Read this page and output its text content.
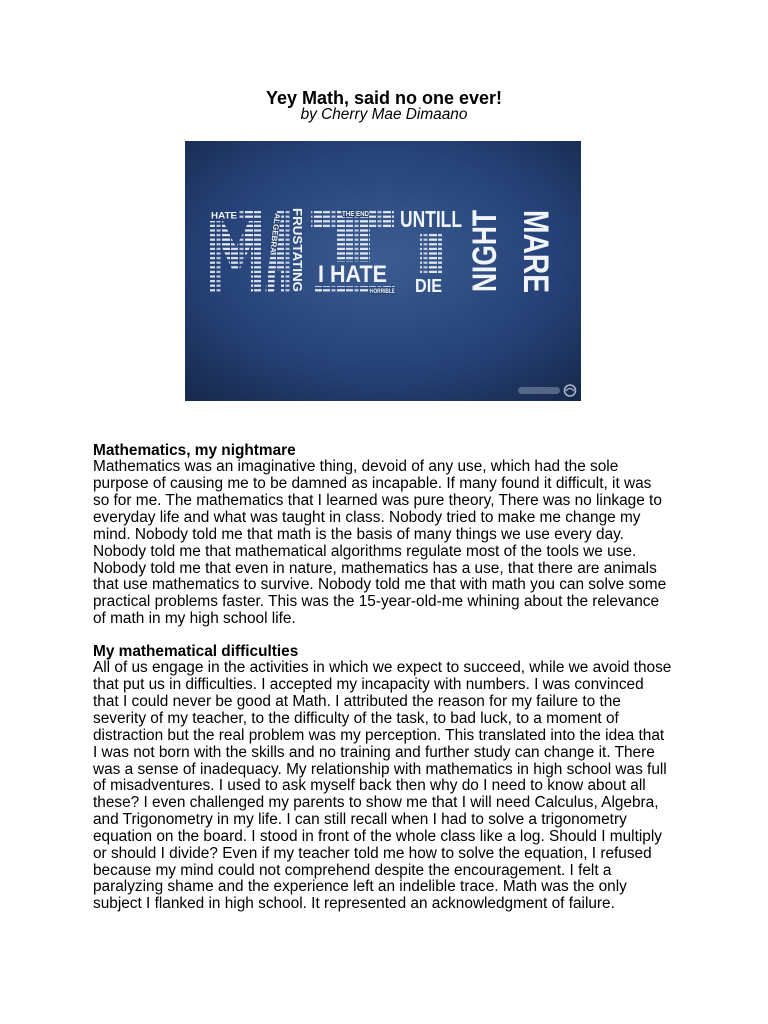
Yey Math, said no one ever!
by Cherry Mae Dimaano
HATE	ALGEBRA FRUSTATING	THE END
I HATE
HORRIBLE
UNTILL
DIE NIGHT MARE
Mathematics, my nightmare
Mathematics was an imaginative thing, devoid of any use, which had the sole
purpose of causing me to be damned as incapable. If many found it difficult, it was
so for me. The mathematics that I learned was pure theory, There was no linkage to
everyday life and what was taught in class. Nobody tried to make me change my
mind. Nobody told me that math is the basis of many things we use every day.
Nobody told me that mathematical algorithms regulate most of the tools we use.
Nobody told me that even in nature, mathematics has a use, that there are animals
that use mathematics to survive. Nobody told me that with math you can solve some
practical problems faster. This was the 15-year-old-me whining about the relevance
of math in my high school life.
My mathematical difficulties
All of us engage in the activities in which we expect to succeed, while we avoid those
that put us in difficulties. I accepted my incapacity with numbers. I was convinced
that I could never be good at Math. I attributed the reason for my failure to the
severity of my teacher, to the difficulty of the task, to bad luck, to a moment of
distraction but the real problem was my perception. This translated into the idea that
I was not born with the skills and no training and further study can change it. There
was a sense of inadequacy. My relationship with mathematics in high school was full
of misadventures. I used to ask myself back then why do I need to know about all
these? I even challenged my parents to show me that I will need Calculus, Algebra,
and Trigonometry in my life. I can still recall when I had to solve a trigonometry
equation on the board. I stood in front of the whole class like a log. Should I multiply
or should I divide? Even if my teacher told me how to solve the equation, I refused
because my mind could not comprehend despite the encouragement. I felt a
paralyzing shame and the experience left an indelible trace. Math was the only
subject I flanked in high school. It represented an acknowledgment of failure.
